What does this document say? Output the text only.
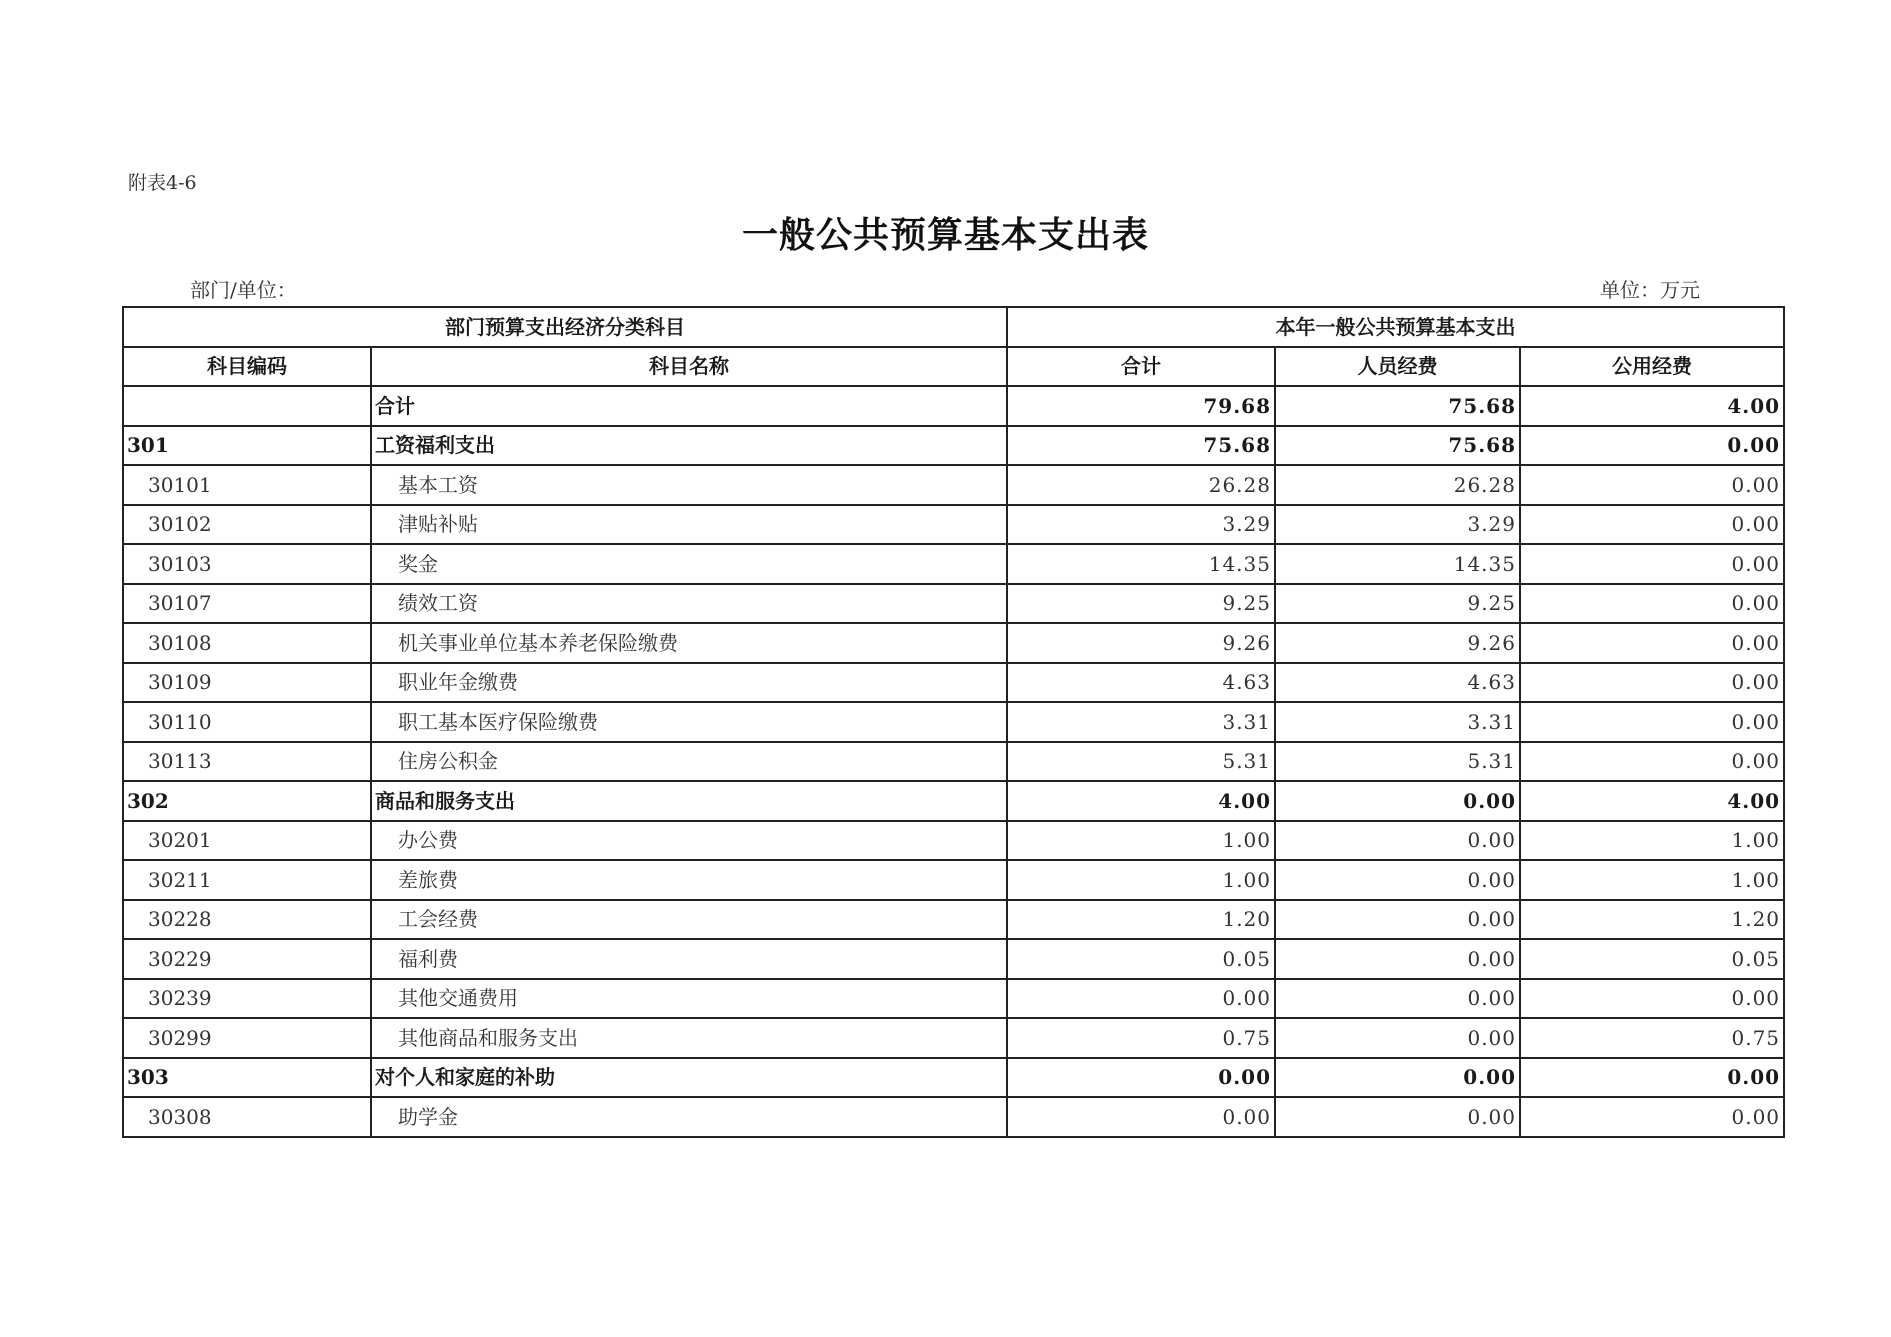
附表4-6
一般公共预算基本支出表
部门/单位：	单位：万元
部门预算支出经济分类科目		本年一般公共预算基本支出		
科目编码	科目名称	合计	人员经费	公用经费
	合计	79.68	75.68	4.00
301	工资福利支出	75.68	75.68	0.00
30101	基本工资	26.28	26.28	0.00
30102	津贴补贴	3.29	3.29	0.00
30103	奖金	14.35	14.35	0.00
30107	绩效工资	9.25	9.25	0.00
30108	机关事业单位基本养老保险缴费	9.26	9.26	0.00
30109	职业年金缴费	4.63	4.63	0.00
30110	职工基本医疗保险缴费	3.31	3.31	0.00
30113	住房公积金	5.31	5.31	0.00
302	商品和服务支出	4.00	0.00	4.00
30201	办公费	1.00	0.00	1.00
30211	差旅费	1.00	0.00	1.00
30228	工会经费	1.20	0.00	1.20
30229	福利费	0.05	0.00	0.05
30239	其他交通费用	0.00	0.00	0.00
30299	其他商品和服务支出	0.75	0.00	0.75
303	对个人和家庭的补助	0.00	0.00	0.00
30308	助学金	0.00	0.00	0.00
